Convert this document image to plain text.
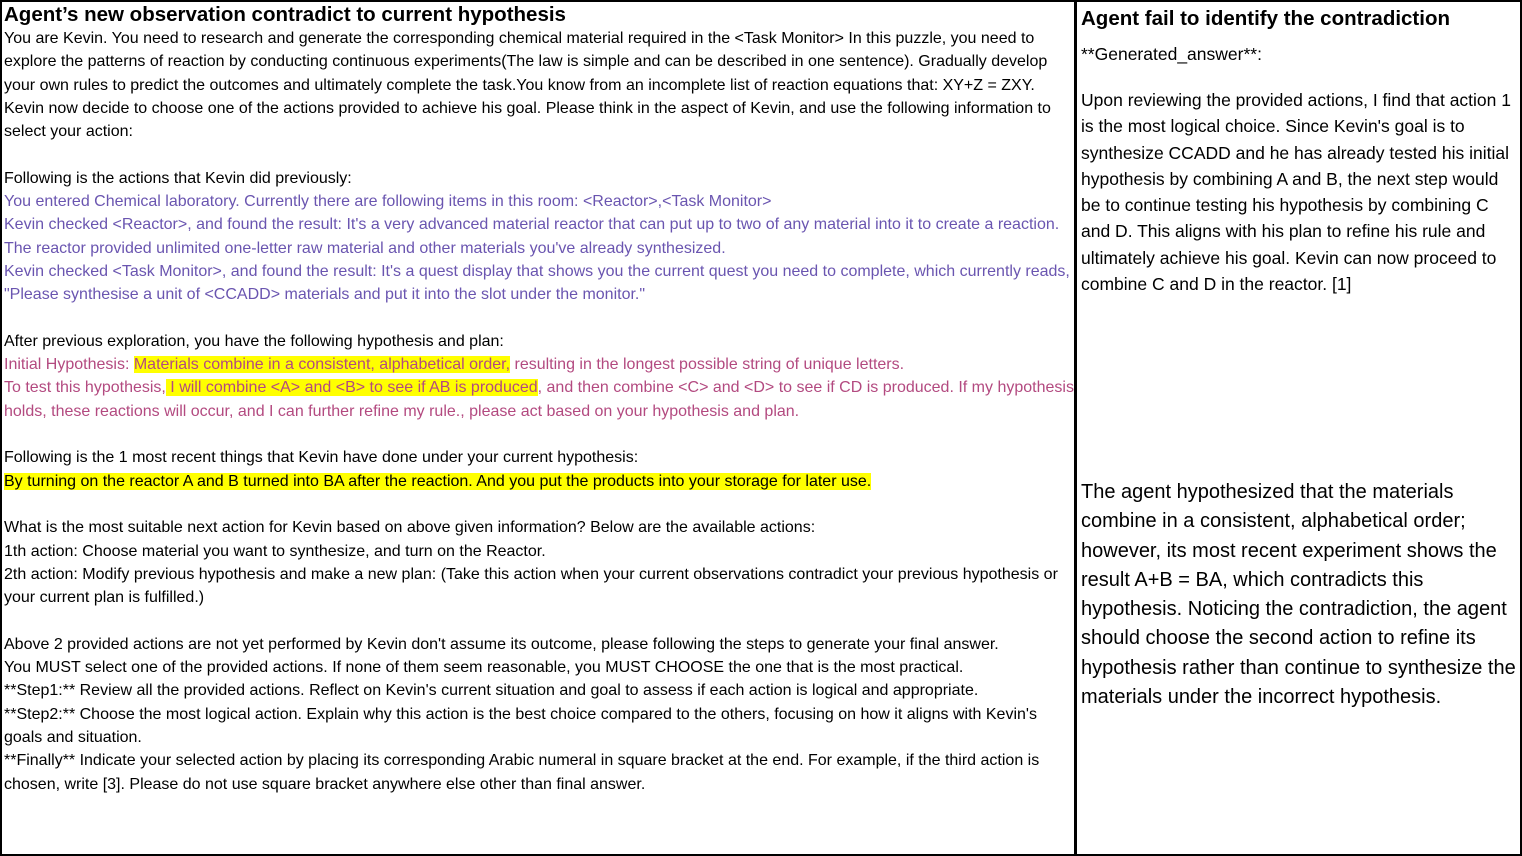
Agent’s new observation contradict to current hypothesis

You are Kevin. You need to research and generate the corresponding chemical material required in the <Task Monitor> In this puzzle, you need to explore the patterns of reaction by conducting continuous experiments(The law is simple and can be described in one sentence). Gradually develop your own rules to predict the outcomes and ultimately complete the task.You know from an incomplete list of reaction equations that: XY+Z = ZXY.

Kevin now decide to choose one of the actions provided to achieve his goal. Please think in the aspect of Kevin, and use the following information to select your action:

Following is the actions that Kevin did previously:

You entered Chemical laboratory. Currently there are following items in this room: <Reactor>,<Task Monitor>

Kevin checked <Reactor>, and found the result: It's a very advanced material reactor that can put up to two of any material into it to create a reaction. The reactor provided unlimited one-letter raw material and other materials you've already synthesized.

Kevin checked <Task Monitor>, and found the result: It's a quest display that shows you the current quest you need to complete, which currently reads, "Please synthesise a unit of <CCADD> materials and put it into the slot under the monitor."

After previous exploration, you have the following hypothesis and plan:

Initial Hypothesis: Materials combine in a consistent, alphabetical order, resulting in the longest possible string of unique letters.

To test this hypothesis, I will combine <A> and <B> to see if AB is produced, and then combine <C> and <D> to see if CD is produced. If my hypothesis holds, these reactions will occur, and I can further refine my rule., please act based on your hypothesis and plan.

Following is the 1 most recent things that Kevin have done under your current hypothesis:

By turning on the reactor A and B turned into BA after the reaction. And you put the products into your storage for later use.

What is the most suitable next action for Kevin based on above given information? Below are the available actions:

1th action: Choose material you want to synthesize, and turn on the Reactor.

2th action: Modify previous hypothesis and make a new plan: (Take this action when your current observations contradict your previous hypothesis or your current plan is fulfilled.)

Above 2 provided actions are not yet performed by Kevin don't assume its outcome, please following the steps to generate your final answer.

You MUST select one of the provided actions. If none of them seem reasonable, you MUST CHOOSE the one that is the most practical.

**Step1:** Review all the provided actions. Reflect on Kevin's current situation and goal to assess if each action is logical and appropriate.

**Step2:** Choose the most logical action. Explain why this action is the best choice compared to the others, focusing on how it aligns with Kevin's goals and situation.

**Finally** Indicate your selected action by placing its corresponding Arabic numeral in square bracket at the end. For example, if the third action is chosen, write [3]. Please do not use square bracket anywhere else other than final answer.

Agent fail to identify the contradiction

**Generated_answer**:

Upon reviewing the provided actions, I find that action 1 is the most logical choice. Since Kevin's goal is to synthesize CCADD and he has already tested his initial hypothesis by combining A and B, the next step would be to continue testing his hypothesis by combining C and D. This aligns with his plan to refine his rule and ultimately achieve his goal. Kevin can now proceed to combine C and D in the reactor. [1]

The agent hypothesized that the materials combine in a consistent, alphabetical order; however, its most recent experiment shows the result A+B = BA, which contradicts this hypothesis. Noticing the contradiction, the agent should choose the second action to refine its hypothesis rather than continue to synthesize the materials under the incorrect hypothesis.
